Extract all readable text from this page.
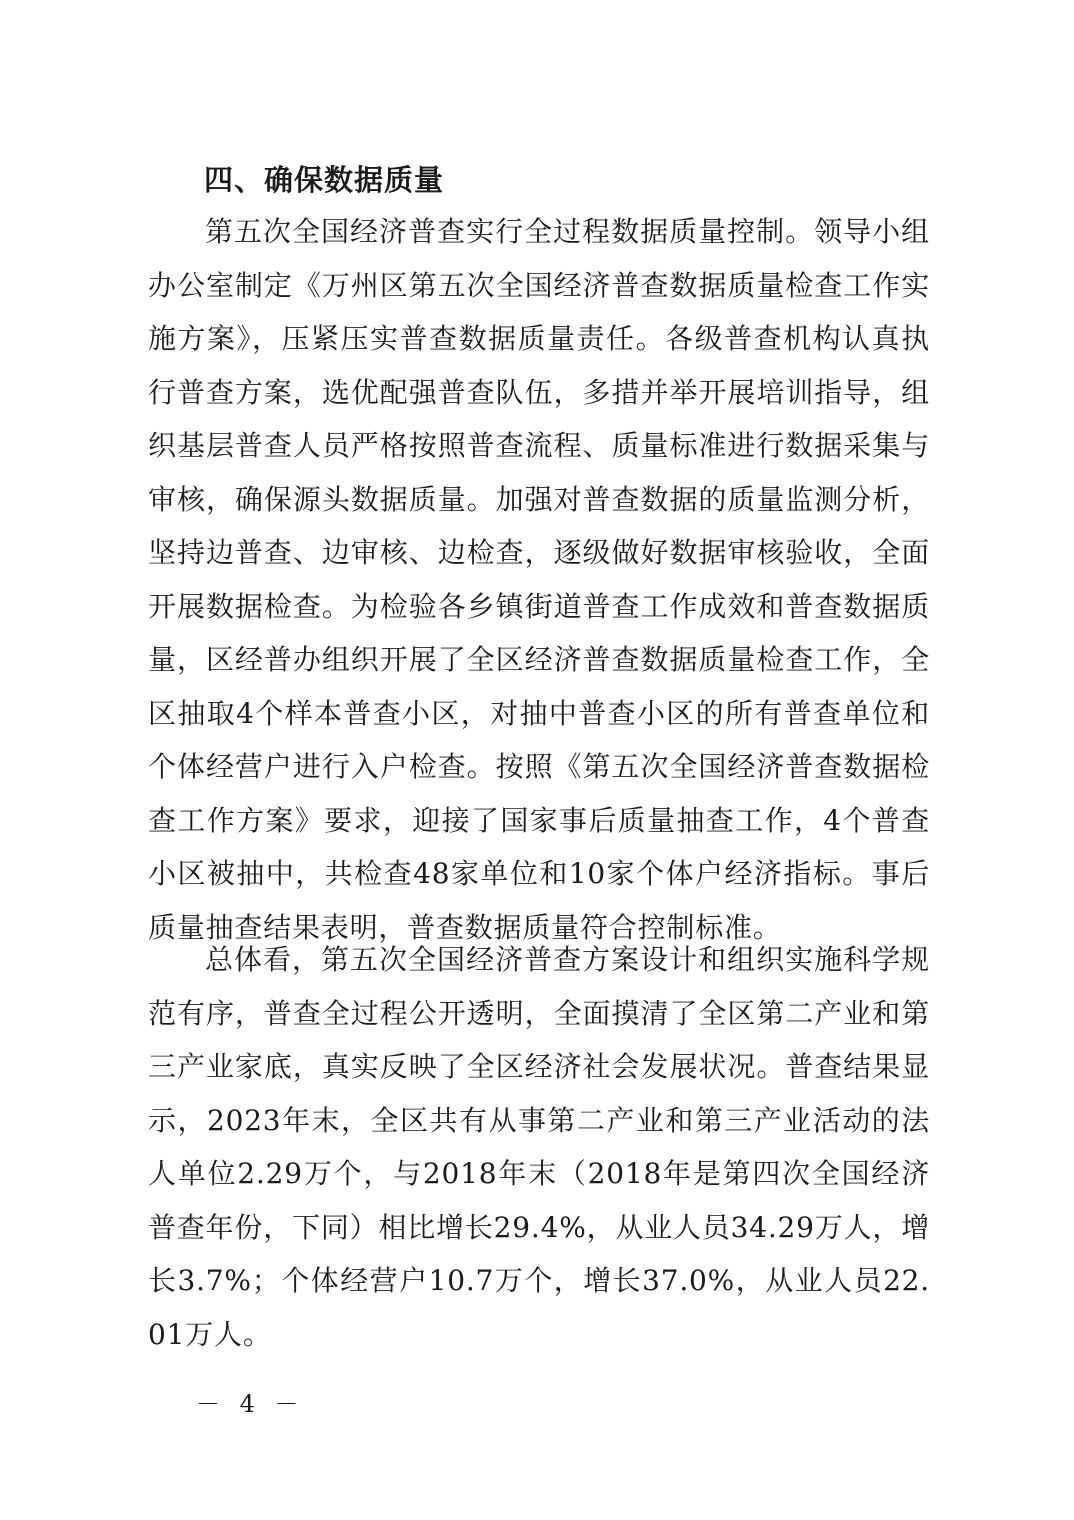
四、确保数据质量

第五次全国经济普查实行全过程数据质量控制。领导小组办公室制定《万州区第五次全国经济普查数据质量检查工作实施方案》，压紧压实普查数据质量责任。各级普查机构认真执行普查方案，选优配强普查队伍，多措并举开展培训指导，组织基层普查人员严格按照普查流程、质量标准进行数据采集与审核，确保源头数据质量。加强对普查数据的质量监测分析，坚持边普查、边审核、边检查，逐级做好数据审核验收，全面开展数据检查。为检验各乡镇街道普查工作成效和普查数据质量，区经普办组织开展了全区经济普查数据质量检查工作，全区抽取4个样本普查小区，对抽中普查小区的所有普查单位和个体经营户进行入户检查。按照《第五次全国经济普查数据检查工作方案》要求，迎接了国家事后质量抽查工作，4个普查小区被抽中，共检查48家单位和10家个体户经济指标。事后质量抽查结果表明，普查数据质量符合控制标准。

总体看，第五次全国经济普查方案设计和组织实施科学规范有序，普查全过程公开透明，全面摸清了全区第二产业和第三产业家底，真实反映了全区经济社会发展状况。普查结果显示，2023年末，全区共有从事第二产业和第三产业活动的法人单位2.29万个，与2018年末（2018年是第四次全国经济普查年份，下同）相比增长29.4%，从业人员34.29万人，增长3.7%；个体经营户10.7万个，增长37.0%，从业人员22.01万人。

－ 4 －
